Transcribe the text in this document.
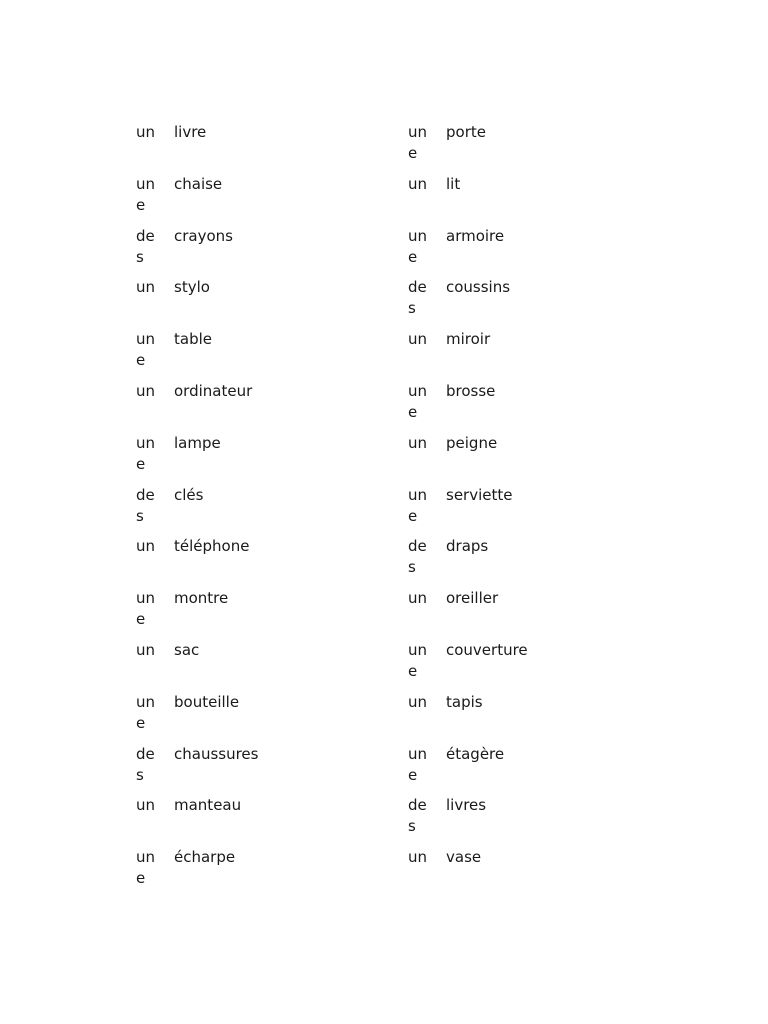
un livre
une
chaise
des
crayons
un stylo
une
table
un ordinateur
une
lampe
des
clés
un téléphone
une
montre
un sac
une
bouteille
des
chaussures
un manteau
une
écharpe
une
porte
un lit
une
armoire
des
coussins
un miroir
une
brosse
un peigne
une
serviette
des
draps
un oreiller
une
couverture
un tapis
une
étagère
des
livres
un vase
